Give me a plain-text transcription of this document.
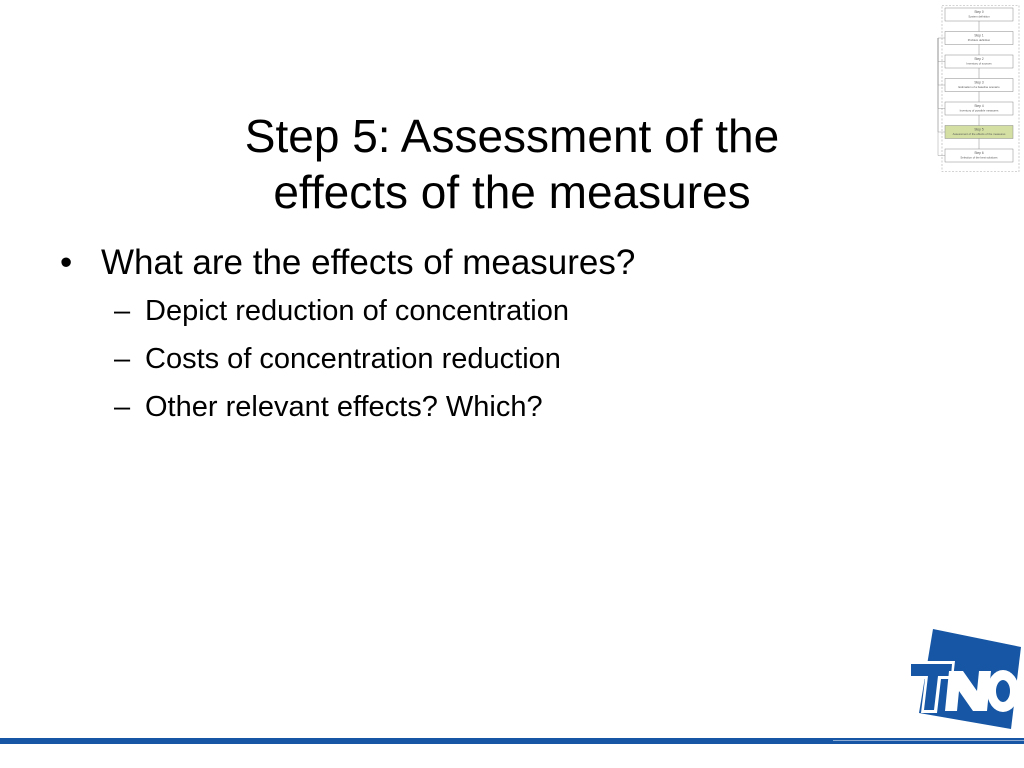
Step 5: Assessment of the
effects of the measures
• What are the effects of measures?
– Depict reduction of concentration
– Costs of concentration reduction
– Other relevant effects? Which?
Step 0
System definition
Step 1
Problem definition
Step 2
Inventory of sources
Step 3
Estimation of a baseline scenario
Step 4
Inventory of possible measures
Step 5
Assessment of the effects of the measures
Step 6
Selection of the best solutions
